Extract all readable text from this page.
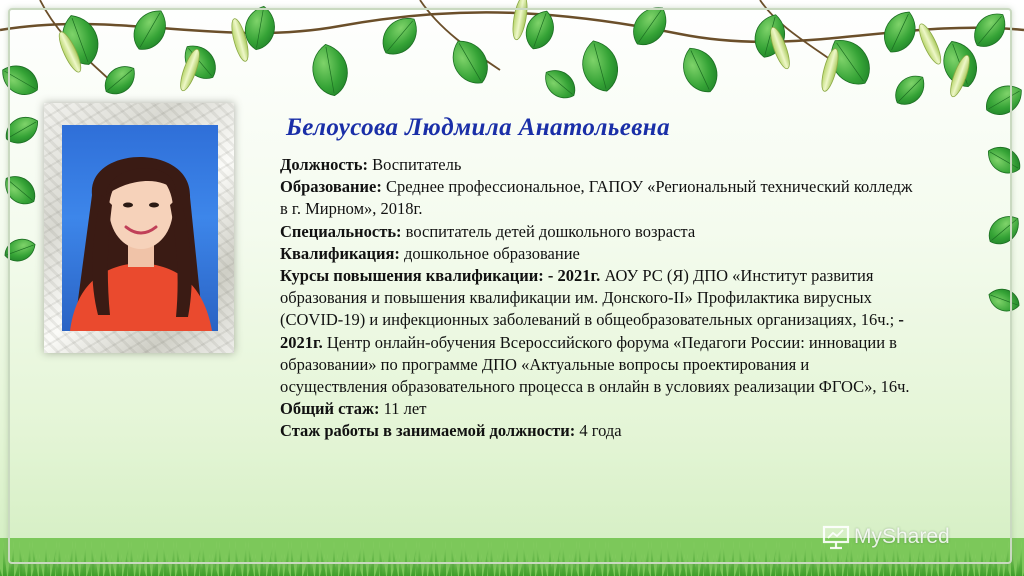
Белоусова Людмила Анатольевна

Должность: Воспитатель

Образование: Среднее профессиональное, ГАПОУ «Региональный технический колледж в г. Мирном», 2018г.

Специальность: воспитатель детей дошкольного возраста

Квалификация: дошкольное образование

Курсы повышения квалификации: - 2021г. АОУ РС (Я) ДПО «Институт развития образования и повышения квалификации им. Донского-II» Профилактика вирусных (COVID-19) и инфекционных заболеваний в общеобразовательных организациях, 16ч.; - 2021г. Центр онлайн-обучения Всероссийского форума «Педагоги России: инновации в образовании» по программе ДПО «Актуальные вопросы проектирования и осуществления образовательного процесса в онлайн в условиях реализации ФГОС», 16ч.

Общий стаж: 11 лет

Стаж работы в занимаемой должности: 4 года

MyShared
